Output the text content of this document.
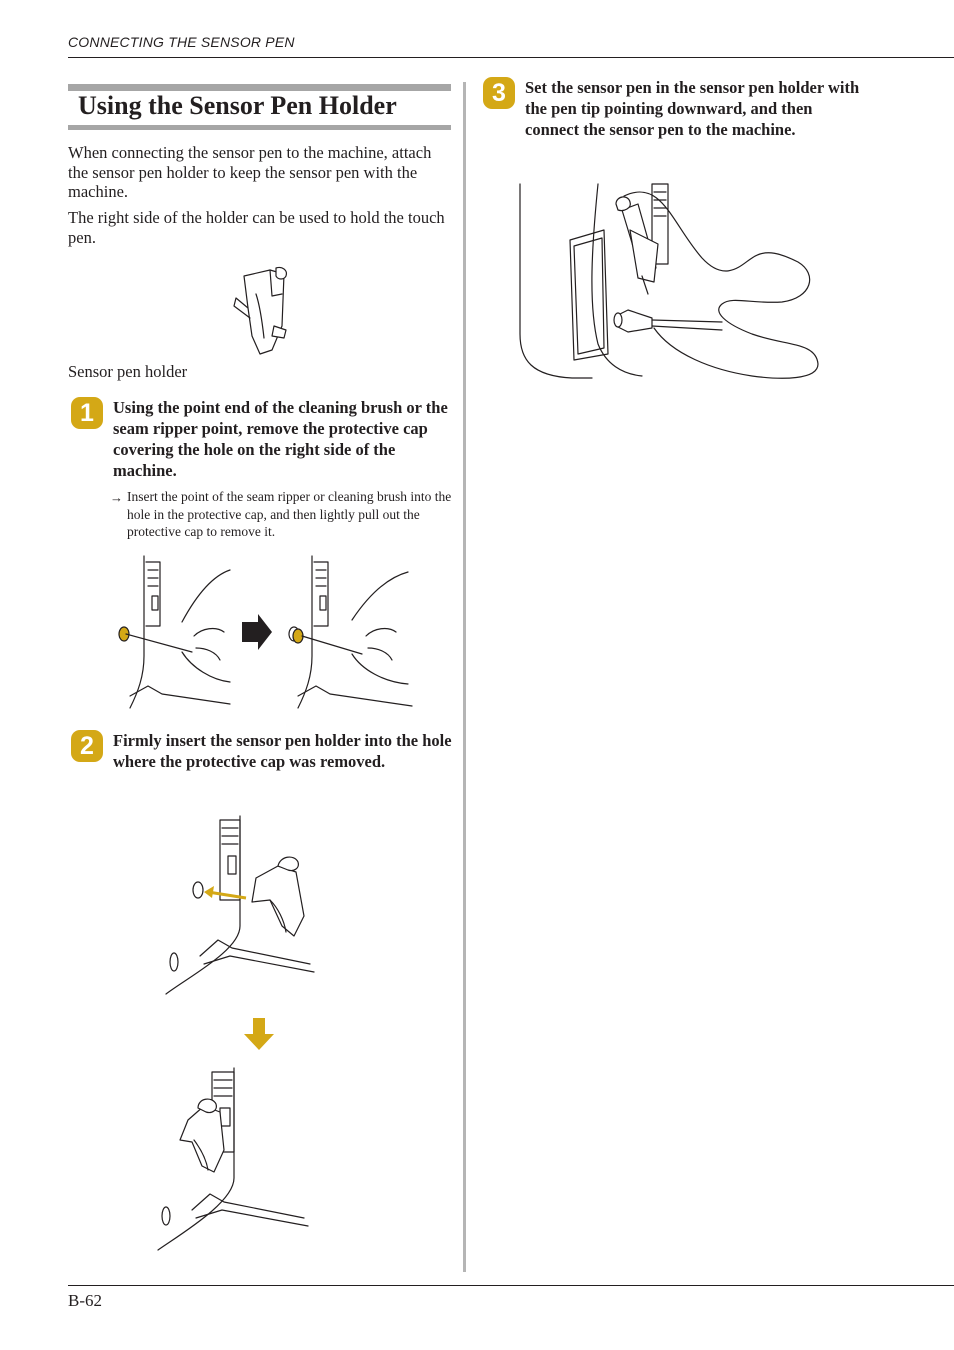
CONNECTING THE SENSOR PEN
Using the Sensor Pen Holder
When connecting the sensor pen to the machine, attach the sensor pen holder to keep the sensor pen with the machine.
The right side of the holder can be used to hold the touch pen.
Sensor pen holder
1	Using the point end of the cleaning brush or the seam ripper point, remove the protective cap covering the hole on the right side of the machine.
→ Insert the point of the seam ripper or cleaning brush into the hole in the protective cap, and then lightly pull out the protective cap to remove it.
2	Firmly insert the sensor pen holder into the hole where the protective cap was removed.
3	Set the sensor pen in the sensor pen holder with the pen tip pointing downward, and then connect the sensor pen to the machine.
B-62
